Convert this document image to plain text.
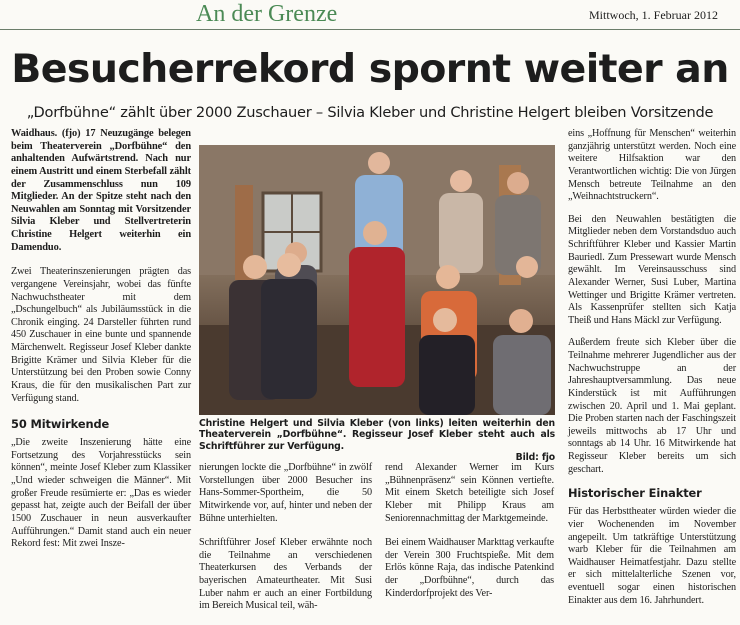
An der Grenze	Mittwoch, 1. Februar 2012
Besucherrekord spornt weiter an
„Dorfbühne“ zählt über 2000 Zuschauer – Silvia Kleber und Christine Helgert bleiben Vorsitzende

Waidhaus. (fjo) 17 Neuzugänge belegen beim Theaterverein „Dorfbühne“ den anhaltenden Aufwärtstrend. Nach nur einem Austritt und einem Sterbefall zählt der Zusammenschluss nun 109 Mitglieder. An der Spitze steht nach den Neuwahlen am Sonntag mit Vorsitzender Silvia Kleber und Stellvertreterin Christine Helgert weiterhin ein Damenduo.

Zwei Theaterinszenierungen prägten das vergangene Vereinsjahr, wobei das fünfte Nachwuchstheater mit dem „Dschungelbuch“ als Jubiläumsstück in die Chronik einging. 24 Darsteller führten rund 450 Zuschauer in eine bunte und spannende Märchenwelt. Regisseur Josef Kleber dankte Brigitte Krämer und Silvia Kleber für die Unterstützung bei den Proben sowie Conny Kraus, die für den musikalischen Part zur Verfügung stand.

50 Mitwirkende

„Die zweite Inszenierung hätte eine Fortsetzung des Vorjahresstücks sein können“, meinte Josef Kleber zum Klassiker „Und wieder schweigen die Männer“. Mit großer Freude resümierte er: „Das es wieder gepasst hat, zeigte auch der Beifall der über 1500 Zuschauer in neun ausverkaufter Aufführungen.“ Damit stand auch ein neuer Rekord fest: Mit zwei Insze-

Christine Helgert und Silvia Kleber (von links) leiten weiterhin den Theaterverein „Dorfbühne“. Regisseur Josef Kleber steht auch als Schriftführer zur Verfügung.
Bild: fjo

nierungen lockte die „Dorfbühne“ in zwölf Vorstellungen über 2000 Besucher ins Hans-Sommer-Sportheim, die 50 Mitwirkende vor, auf, hinter und neben der Bühne unterhielten.

Schriftführer Josef Kleber erwähnte noch die Teilnahme an verschiedenen Theaterkursen des Verbands der bayerischen Amateurtheater. Mit Susi Luber nahm er auch an einer Fortbildung im Bereich Musical teil, wäh-

rend Alexander Werner im Kurs „Bühnenpräsenz“ sein Können vertiefte. Mit einem Sketch beteiligte sich Josef Kleber mit Philipp Kraus am Seniorennachmittag der Marktgemeinde.

Bei einem Waidhauser Markttag verkaufte der Verein 300 Fruchtspieße. Mit dem Erlös könne Raja, das indische Patenkind der „Dorfbühne“, durch das Kinderdorfprojekt des Ver-

eins „Hoffnung für Menschen“ weiterhin ganzjährig unterstützt werden. Noch eine weitere Hilfsaktion war den Verantwortlichen wichtig: Die von Jürgen Mensch betreute Teilnahme an den „Weihnachtstruckern“.

Bei den Neuwahlen bestätigten die Mitglieder neben dem Vorstandsduo auch Schriftführer Kleber und Kassier Martin Bauriedl. Zum Pressewart wurde Mensch gewählt. Im Vereinsausschuss sind Alexander Werner, Susi Luber, Martina Wettinger und Brigitte Krämer vertreten. Als Kassenprüfer stellten sich Katja Theiß und Hans Mäckl zur Verfügung.

Außerdem freute sich Kleber über die Teilnahme mehrerer Jugendlicher aus der Nachwuchstruppe an der Jahreshauptversammlung. Das neue Kinderstück ist mit Aufführungen zwischen 20. April und 1. Mai geplant. Die Proben starten nach der Faschingszeit jeweils mittwochs ab 17 Uhr und sonntags ab 14 Uhr. 16 Mitwirkende hat Regisseur Kleber bereits um sich geschart.

Historischer Einakter

Für das Herbsttheater würden wieder die vier Wochenenden im November angepeilt. Um tatkräftige Unterstützung warb Kleber für die Teilnahmen am Waidhauser Heimatfestjahr. Dazu stellte er sich mittelalterliche Szenen vor, eventuell sogar einen historischen Einakter aus dem 16. Jahrhundert.
